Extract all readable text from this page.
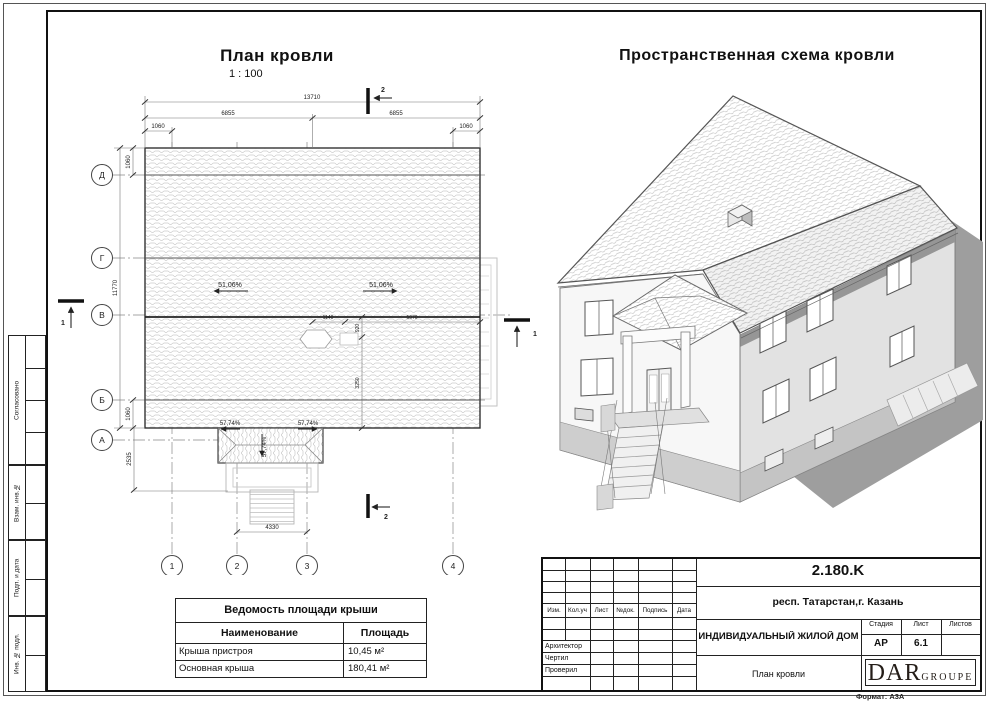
Согласовано
Взам. инв.№
Подп. и дата
Инв. № подл.
План кровли
1 : 100
Пространственная схема кровли
13710
6855	6855
1060	1060
11770
1060
1060
2535
1140	5970
920
3250
4330
51,06%	51,06%
57,74%	57,74%
57,74%
2
2
1
1
Д
Г
В
Б
А
1	2	3	4
Ведомость площади крыши
Наименование	Площадь
Крыша пристроя	10,45 м²
Основная крыша	180,41 м²
Изм.	Кол.уч	Лист	№док.	Подпись	Дата
Архитектор
Чертил
Проверил
2.180.K
респ. Татарстан,г. Казань
ИНДИВИДУАЛЬНЫЙ ЖИЛОЙ ДОМ
Стадия	Лист	Листов
АР	6.1
План кровли	DAR GROUPE
Формат: А3А
